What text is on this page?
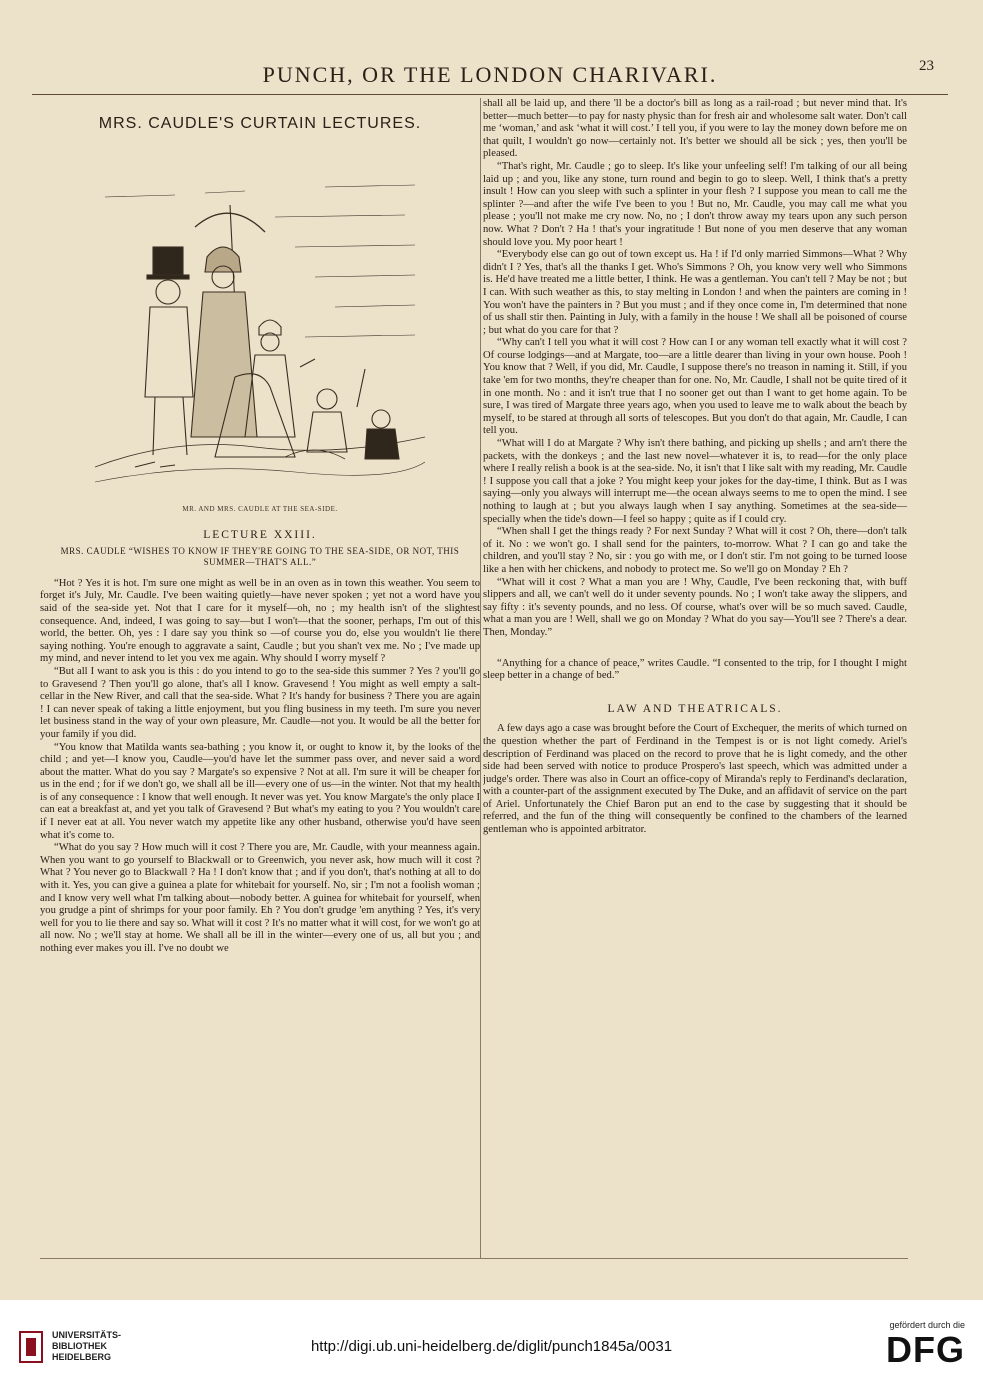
PUNCH, OR THE LONDON CHARIVARI.	23
MRS. CAUDLE'S CURTAIN LECTURES.
MR. AND MRS. CAUDLE AT THE SEA-SIDE.
LECTURE XXIII.
MRS. CAUDLE “WISHES TO KNOW IF THEY'RE GOING TO THE SEA-SIDE, OR NOT, THIS SUMMER—THAT'S ALL.”

“Hot ? Yes it is hot. I'm sure one might as well be in an oven as in town this weather. You seem to forget it's July, Mr. Caudle. I've been waiting quietly—have never spoken ; yet not a word have you said of the sea-side yet. Not that I care for it myself—oh, no ; my health isn't of the slightest consequence. And, indeed, I was going to say—but I won't—that the sooner, perhaps, I'm out of this world, the better. Oh, yes : I dare say you think so —of course you do, else you wouldn't lie there saying nothing. You're enough to aggravate a saint, Caudle ; but you shan't vex me. No ; I've made up my mind, and never intend to let you vex me again. Why should I worry myself ?

“But all I want to ask you is this : do you intend to go to the sea-side this summer ? Yes ? you'll go to Gravesend ? Then you'll go alone, that's all I know. Gravesend ! You might as well empty a salt-cellar in the New River, and call that the sea-side. What ? It's handy for business ? There you are again ! I can never speak of taking a little enjoyment, but you fling business in my teeth. I'm sure you never let business stand in the way of your own pleasure, Mr. Caudle—not you. It would be all the better for your family if you did.

“You know that Matilda wants sea-bathing ; you know it, or ought to know it, by the looks of the child ; and yet—I know you, Caudle—you'd have let the summer pass over, and never said a word about the matter. What do you say ? Margate's so expensive ? Not at all. I'm sure it will be cheaper for us in the end ; for if we don't go, we shall all be ill—every one of us—in the winter. Not that my health is of any consequence : I know that well enough. It never was yet. You know Margate's the only place I can eat a breakfast at, and yet you talk of Gravesend ? But what's my eating to you ? You wouldn't care if I never eat at all. You never watch my appetite like any other husband, otherwise you'd have seen what it's come to.

“What do you say ? How much will it cost ? There you are, Mr. Caudle, with your meanness again. When you want to go yourself to Blackwall or to Greenwich, you never ask, how much will it cost ? What ? You never go to Blackwall ? Ha ! I don't know that ; and if you don't, that's nothing at all to do with it. Yes, you can give a guinea a plate for whitebait for yourself. No, sir ; I'm not a foolish woman ; and I know very well what I'm talking about—nobody better. A guinea for whitebait for yourself, when you grudge a pint of shrimps for your poor family. Eh ? You don't grudge 'em anything ? Yes, it's very well for you to lie there and say so. What will it cost ? It's no matter what it will cost, for we won't go at all now. No ; we'll stay at home. We shall all be ill in the winter—every one of us, all but you ; and nothing ever makes you ill. I've no doubt we

shall all be laid up, and there 'll be a doctor's bill as long as a rail-road ; but never mind that. It's better—much better—to pay for nasty physic than for fresh air and wholesome salt water. Don't call me ‘woman,’ and ask ‘what it will cost.’ I tell you, if you were to lay the money down before me on that quilt, I wouldn't go now—certainly not. It's better we should all be sick ; yes, then you'll be pleased.

“That's right, Mr. Caudle ; go to sleep. It's like your unfeeling self! I'm talking of our all being laid up ; and you, like any stone, turn round and begin to go to sleep. Well, I think that's a pretty insult ! How can you sleep with such a splinter in your flesh ? I suppose you mean to call me the splinter ?—and after the wife I've been to you ! But no, Mr. Caudle, you may call me what you please ; you'll not make me cry now. No, no ; I don't throw away my tears upon any such person now. What ? Don't ? Ha ! that's your ingratitude ! But none of you men deserve that any woman should love you. My poor heart !

“Everybody else can go out of town except us. Ha ! if I'd only married Simmons—What ? Why didn't I ? Yes, that's all the thanks I get. Who's Simmons ? Oh, you know very well who Simmons is. He'd have treated me a little better, I think. He was a gentleman. You can't tell ? May be not ; but I can. With such weather as this, to stay melting in London ! and when the painters are coming in ! You won't have the painters in ? But you must ; and if they once come in, I'm determined that none of us shall stir then. Painting in July, with a family in the house ! We shall all be poisoned of course ; but what do you care for that ?

“Why can't I tell you what it will cost ? How can I or any woman tell exactly what it will cost ? Of course lodgings—and at Margate, too—are a little dearer than living in your own house. Pooh ! You know that ? Well, if you did, Mr. Caudle, I suppose there's no treason in naming it. Still, if you take 'em for two months, they're cheaper than for one. No, Mr. Caudle, I shall not be quite tired of it in one month. No : and it isn't true that I no sooner get out than I want to get home again. To be sure, I was tired of Margate three years ago, when you used to leave me to walk about the beach by myself, to be stared at through all sorts of telescopes. But you don't do that again, Mr. Caudle, I can tell you.

“What will I do at Margate ? Why isn't there bathing, and picking up shells ; and arn't there the packets, with the donkeys ; and the last new novel—whatever it is, to read—for the only place where I really relish a book is at the sea-side. No, it isn't that I like salt with my reading, Mr. Caudle ! I suppose you call that a joke ? You might keep your jokes for the day-time, I think. But as I was saying—only you always will interrupt me—the ocean always seems to me to open the mind. I see nothing to laugh at ; but you always laugh when I say anything. Sometimes at the sea-side—specially when the tide's down—I feel so happy ; quite as if I could cry.

“When shall I get the things ready ? For next Sunday ? What will it cost ? Oh, there—don't talk of it. No : we won't go. I shall send for the painters, to-morrow. What ? I can go and take the children, and you'll stay ? No, sir : you go with me, or I don't stir. I'm not going to be turned loose like a hen with her chickens, and nobody to protect me. So we'll go on Monday ? Eh ?

“What will it cost ? What a man you are ! Why, Caudle, I've been reckoning that, with buff slippers and all, we can't well do it under seventy pounds. No ; I won't take away the slippers, and say fifty : it's seventy pounds, and no less. Of course, what's over will be so much saved. Caudle, what a man you are ! Well, shall we go on Monday ? What do you say—You'll see ? There's a dear. Then, Monday.”

“Anything for a chance of peace,” writes Caudle. “I consented to the trip, for I thought I might sleep better in a change of bed.”

LAW AND THEATRICALS.

A few days ago a case was brought before the Court of Exchequer, the merits of which turned on the question whether the part of Ferdinand in the Tempest is or is not light comedy. Ariel's description of Ferdinand was placed on the record to prove that he is light comedy, and the other side had been served with notice to produce Prospero's last speech, which was admitted under a judge's order. There was also in Court an office-copy of Miranda's reply to Ferdinand's declaration, with a counter-part of the assignment executed by The Duke, and an affidavit of service on the part of Ariel. Unfortunately the Chief Baron put an end to the case by suggesting that it should be referred, and the fun of the thing will consequently be confined to the chambers of the learned gentleman who is appointed arbitrator.

UNIVERSITÄTS-
BIBLIOTHEK
HEIDELBERG
http://digi.ub.uni-heidelberg.de/diglit/punch1845a/0031
gefördert durch die
DFG
